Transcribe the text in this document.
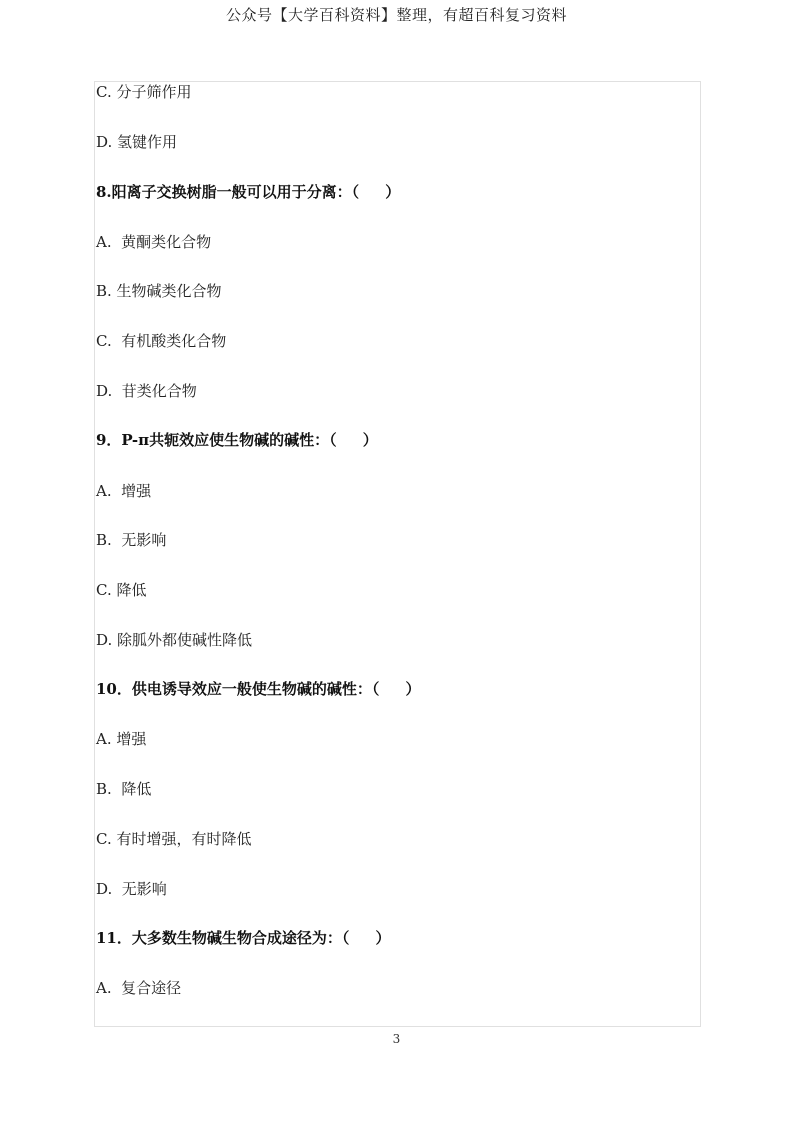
公众号【大学百科资料】整理，有超百科复习资料
C. 分子筛作用
D. 氢键作用
8.阳离子交换树脂一般可以用于分离：（     ）
A.  黄酮类化合物
B. 生物碱类化合物
C.  有机酸类化合物
D.  苷类化合物
9．P-π共轭效应使生物碱的碱性：（     ）
A.  增强
B.  无影响
C. 降低
D. 除胍外都使碱性降低
10．供电诱导效应一般使生物碱的碱性：（     ）
A. 增强
B.  降低
C. 有时增强，有时降低
D.  无影响
11．大多数生物碱生物合成途径为：（     ）
A.  复合途径
3
